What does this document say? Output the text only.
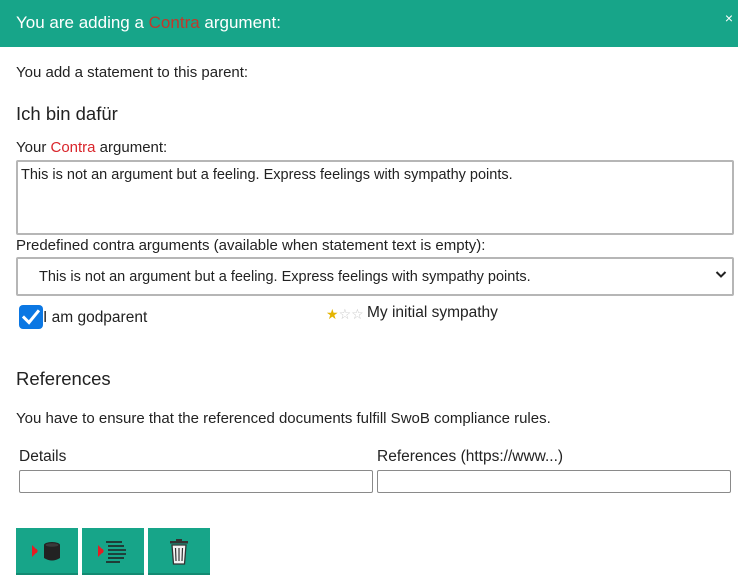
You are adding a Contra argument:	×
You add a statement to this parent:
Ich bin dafür
Your Contra argument:
This is not an argument but a feeling. Express feelings with sympathy points.
Predefined contra arguments (available when statement text is empty):
This is not an argument but a feeling. Express feelings with sympathy points.
I am godparent	★☆☆ My initial sympathy
References
You have to ensure that the referenced documents fulfill SwoB compliance rules.
Details	References (https://www...)
